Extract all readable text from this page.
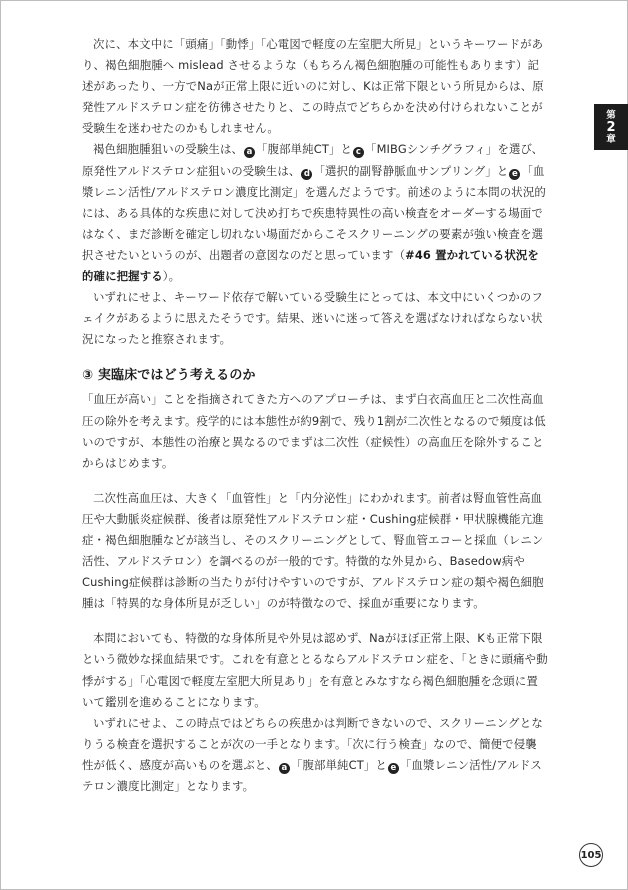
次に、本文中に「頭痛」「動悸」「心電図で軽度の左室肥大所見」というキーワードがあり、褐色細胞腫へ mislead させるような（もちろん褐色細胞腫の可能性もあります）記述があったり、一方でNaが正常上限に近いのに対し、Kは正常下限という所見からは、原発性アルドステロン症を彷彿させたりと、この時点でどちらかを決め付けられないことが受験生を迷わせたのかもしれません。

褐色細胞腫狙いの受験生は、 a 「腹部単純CT」と c 「MIBGシンチグラフィ」を選び、原発性アルドステロン症狙いの受験生は、 d 「選択的副腎静脈血サンプリング」と e 「血漿レニン活性/アルドステロン濃度比測定」を選んだようです。前述のように本問の状況的には、ある具体的な疾患に対して決め打ちで疾患特異性の高い検査をオーダーする場面ではなく、まだ診断を確定し切れない場面だからこそスクリーニングの要素が強い検査を選択させたいというのが、出題者の意図なのだと思っています（#46 置かれている状況を的確に把握する）。

いずれにせよ、キーワード依存で解いている受験生にとっては、本文中にいくつかのフェイクがあるように思えたそうです。結果、迷いに迷って答えを選ばなければならない状況になったと推察されます。

③ 実臨床ではどう考えるのか

「血圧が高い」ことを指摘されてきた方へのアプローチは、まず白衣高血圧と二次性高血圧の除外を考えます。疫学的には本態性が約9割で、残り1割が二次性となるので頻度は低いのですが、本態性の治療と異なるのでまずは二次性（症候性）の高血圧を除外することからはじめます。

二次性高血圧は、大きく「血管性」と「内分泌性」にわかれます。前者は腎血管性高血圧や大動脈炎症候群、後者は原発性アルドステロン症・Cushing症候群・甲状腺機能亢進症・褐色細胞腫などが該当し、そのスクリーニングとして、腎血管エコーと採血（レニン活性、アルドステロン）を調べるのが一般的です。特徴的な外見から、Basedow病やCushing症候群は診断の当たりが付けやすいのですが、アルドステロン症の類や褐色細胞腫は「特異的な身体所見が乏しい」のが特徴なので、採血が重要になります。

本問においても、特徴的な身体所見や外見は認めず、Naがほぼ正常上限、Kも正常下限という微妙な採血結果です。これを有意ととるならアルドステロン症を、「ときに頭痛や動悸がする」「心電図で軽度左室肥大所見あり」を有意とみなすなら褐色細胞腫を念頭に置いて鑑別を進めることになります。

いずれにせよ、この時点ではどちらの疾患かは判断できないので、スクリーニングとなりうる検査を選択することが次の一手となります。「次に行う検査」なので、簡便で侵襲性が低く、感度が高いものを選ぶと、 a 「腹部単純CT」と e 「血漿レニン活性/アルドステロン濃度比測定」となります。

第
2
章
105
